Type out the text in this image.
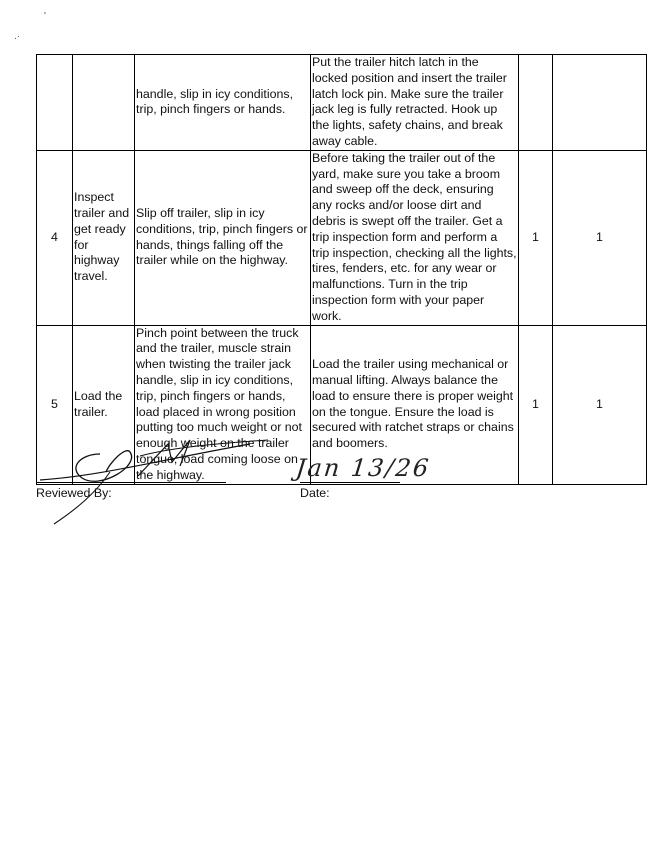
'
.·
		handle, slip in icy conditions, trip, pinch fingers or hands.	Put the trailer hitch latch in the locked position and insert the trailer latch lock pin. Make sure the trailer jack leg is fully retracted. Hook up the lights, safety chains, and break away cable.		
4	Inspect trailer and get ready for highway travel.	Slip off trailer, slip in icy conditions, trip, pinch fingers or hands, things falling off the trailer while on the highway.	Before taking the trailer out of the yard, make sure you take a broom and sweep off the deck, ensuring any rocks and/or loose dirt and debris is swept off the trailer. Get a trip inspection form and perform a trip inspection, checking all the lights, tires, fenders, etc. for any wear or malfunctions. Turn in the trip inspection form with your paper work.	1	1
5	Load the trailer.	Pinch point between the truck and the trailer, muscle strain when twisting the trailer jack handle, slip in icy conditions, trip, pinch fingers or hands, load placed in wrong position putting too much weight or not enough weight on the trailer tongue, load coming loose on the highway.	Load the trailer using mechanical or manual lifting. Always balance the load to ensure there is proper weight on the tongue. Ensure the load is secured with ratchet straps or chains and boomers.	1	1
Reviewed By:
Jan 13/26
Date:
